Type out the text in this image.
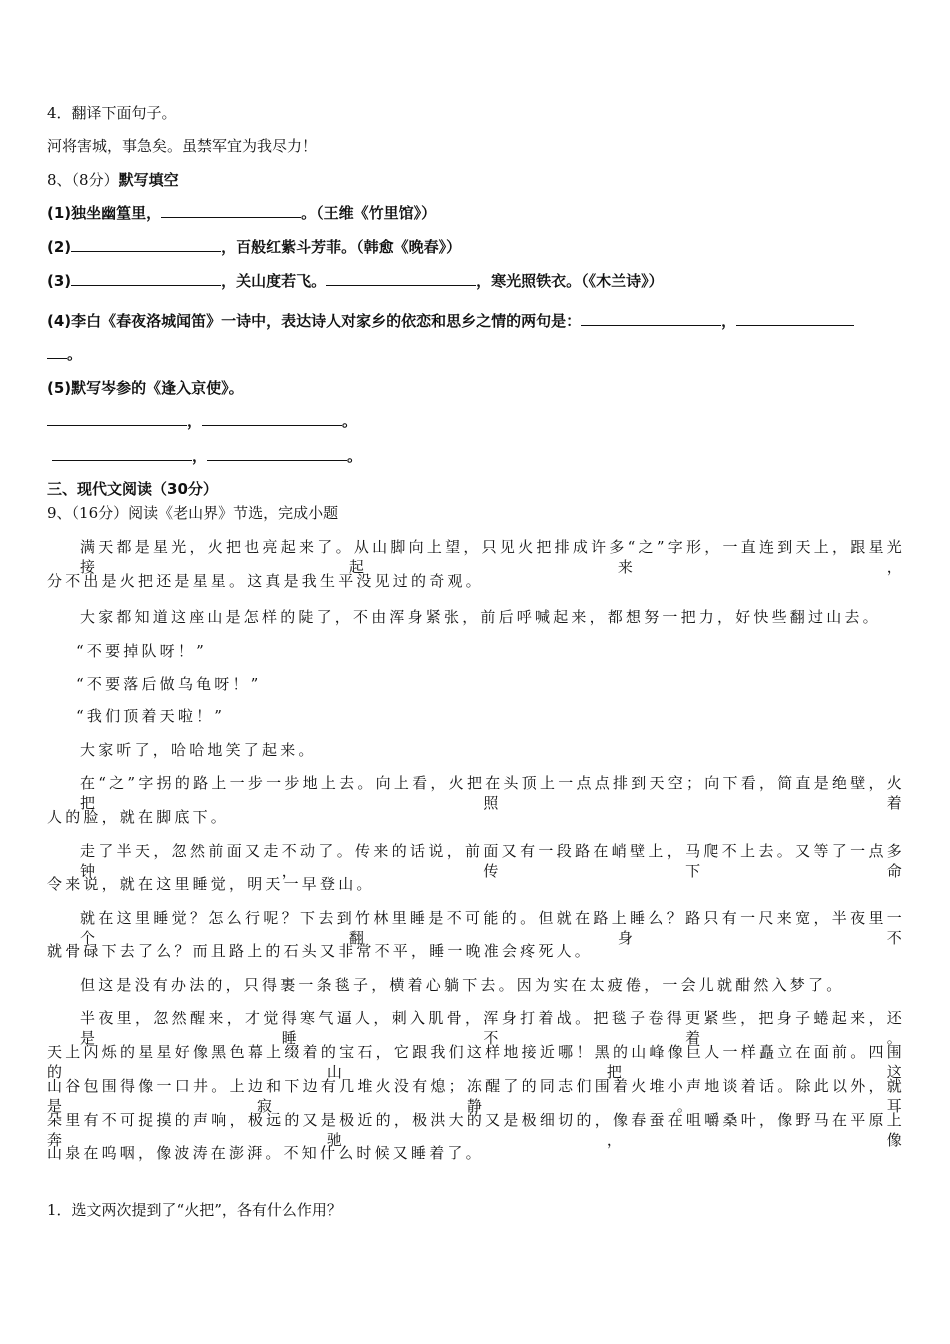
4．翻译下面句子。
河将害城，事急矣。虽禁军宜为我尽力！
8、（8分）默写填空
(1)独坐幽篁里，	。（王维《竹里馆》）
(2)	，百般红紫斗芳菲。（韩愈《晚春》）
(3)	，关山度若飞。	，寒光照铁衣。（《木兰诗》）
(4)李白《春夜洛城闻笛》一诗中，表达诗人对家乡的依恋和思乡之情的两句是：	，
。
(5)默写岑参的《逢入京使》。
，	。
，	。
三、现代文阅读（30分）
9、（16分）阅读《老山界》节选，完成小题
满天都是星光，火把也亮起来了。从山脚向上望，只见火把排成许多“之”字形，一直连到天上，跟星光接起来，
分不出是火把还是星星。这真是我生平没见过的奇观。
大家都知道这座山是怎样的陡了，不由浑身紧张，前后呼喊起来，都想努一把力，好快些翻过山去。
“不要掉队呀！”
“不要落后做乌龟呀！”
“我们顶着天啦！”
大家听了，哈哈地笑了起来。
在“之”字拐的路上一步一步地上去。向上看，火把在头顶上一点点排到天空；向下看，简直是绝壁，火把照着
人的脸，就在脚底下。
走了半天，忽然前面又走不动了。传来的话说，前面又有一段路在峭壁上，马爬不上去。又等了一点多钟，传下命
令来说，就在这里睡觉，明天一早登山。
就在这里睡觉？怎么行呢？下去到竹林里睡是不可能的。但就在路上睡么？路只有一尺来宽，半夜里一个翻身不
就骨碌下去了么？而且路上的石头又非常不平，睡一晚准会疼死人。
但这是没有办法的，只得裹一条毯子，横着心躺下去。因为实在太疲倦，一会儿就酣然入梦了。
半夜里，忽然醒来，才觉得寒气逼人，刺入肌骨，浑身打着战。把毯子卷得更紧些，把身子蜷起来，还是睡不着。
天上闪烁的星星好像黑色幕上缀着的宝石，它跟我们这样地接近哪！黑的山峰像巨人一样矗立在面前。四围的山把这
山谷包围得像一口井。上边和下边有几堆火没有熄；冻醒了的同志们围着火堆小声地谈着话。除此以外，就是寂静。耳
朵里有不可捉摸的声响，极远的又是极近的，极洪大的又是极细切的，像春蚕在咀嚼桑叶，像野马在平原上奔驰，像
山泉在呜咽，像波涛在澎湃。不知什么时候又睡着了。
1．选文两次提到了“火把”，各有什么作用？
